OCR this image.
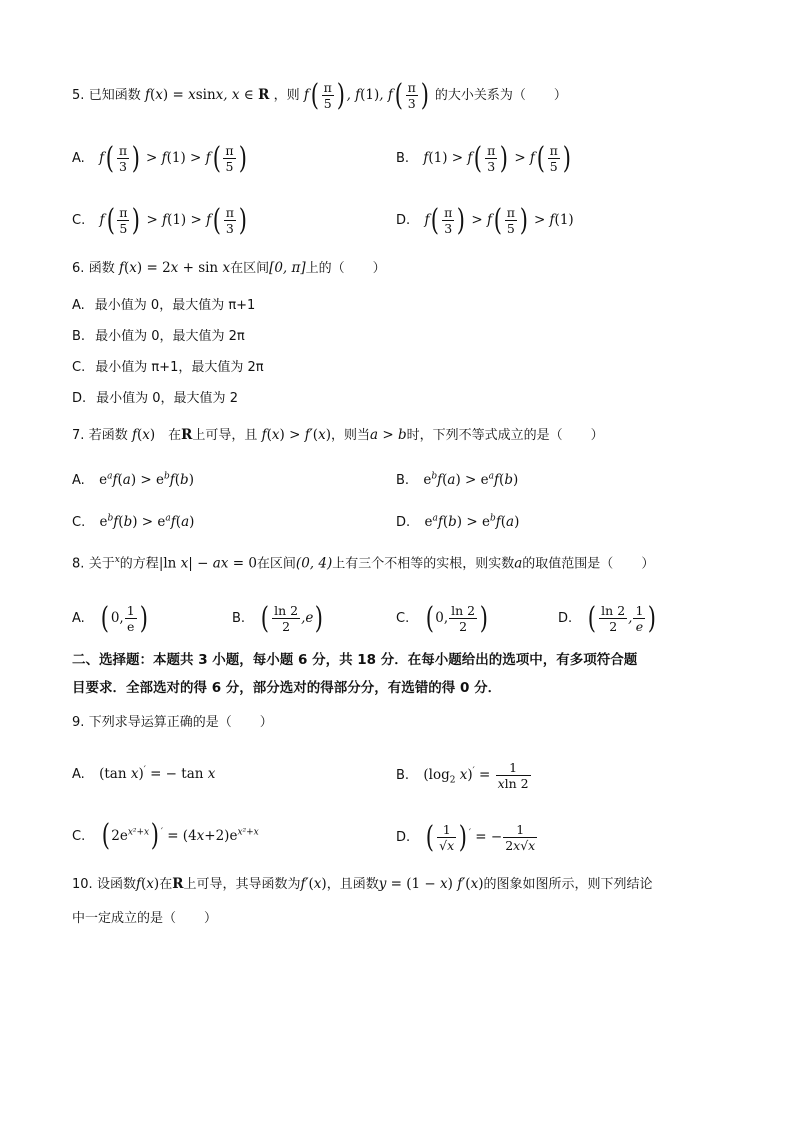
5. 已知函数 f(x) = xsinx, x ∈ R ，则 $f( \frac{\pi}{5}$ ) , f(1), $f( \frac{\pi}{3}$ ) 的大小关系为（ ）
A. $f( \frac{\pi}{3}$ ) > $f(1) > f( \frac{\pi}{5}$ )	B. $f(1) > f( \frac{\pi}{3}$ ) > $f( \frac{\pi}{5}$ )
C. $f( \frac{\pi}{5}$ ) > $f(1) > f( \frac{\pi}{3}$ )	D. $f( \frac{\pi}{3}$ ) > $f( \frac{\pi}{5}$ ) > f(1)
6. 函数 f(x) = 2x + sin x在区间[0, π]上的（ ）
A. 最小值为 0，最大值为 π+1
B. 最小值为 0，最大值为 2π
C. 最小值为 π+1，最大值为 2π
D. 最小值为 0，最大值为 2
7. 若函数 f(x) 在R上可导，且 f(x) > f′(x)，则当a > b时，下列不等式成立的是（ ）
A. $e^af(a) > e^bf(b)$	B. $e^bf(a) > e^af(b)$
C. $e^bf(b) > e^af(a)$	D. $e^af(b) > e^bf(a)$
8. 关于$^x$的方程|ln x| − ax = 0在区间(0, 4)上有三个不相等的实根，则实数a的取值范围是（ ）
A. ( 0, $\frac{1}{e}$ )	B. ( $\frac{\ln 2}{2} ,e$)	C. ( 0, $\frac{\ln 2}{2}$ )	D. ( $\frac{\ln 2}{2}$ , $\frac{1}{e}$ )
二、选择题：本题共 3 小题，每小题 6 分，共 18 分．在每小题给出的选项中，有多项符合题
目要求．全部选对的得 6 分，部分选对的得部分分，有选错的得 0 分．
9. 下列求导运算正确的是（ ）
A. (tan x)′ = − tan x	B. ($\log_2$ $x)' = \frac{1}{xln 2}$
C. ( $2e^{x^2+x}$) $' = (4x+2)e^{x^2+x}$	D. ( $\frac{1}{√x}$ ) ′ = − $\frac{1}{2x√x}$
10. 设函数f(x)在R上可导，其导函数为f′(x)，且函数y = (1 − x) f′(x)的图象如图所示，则下列结论
中一定成立的是（ ）
